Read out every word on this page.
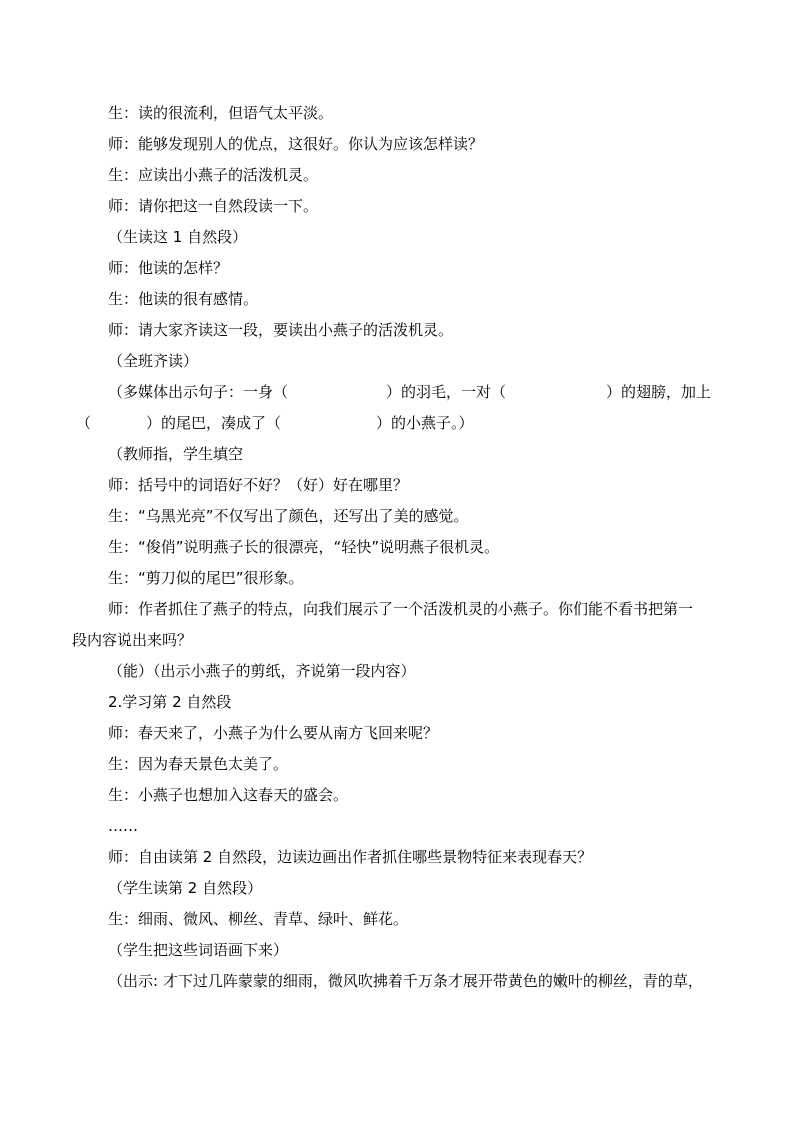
生：读的很流利，但语气太平淡。
师：能够发现别人的优点，这很好。你认为应该怎样读？
生：应读出小燕子的活泼机灵。
师：请你把这一自然段读一下。
（生读这 1 自然段）
师：他读的怎样？
生：他读的很有感情。
师：请大家齐读这一段，要读出小燕子的活泼机灵。
（全班齐读）
（多媒体出示句子：一身（	）的羽毛，一对（	）的翅膀，加上
（	）的尾巴，凑成了（	）的小燕子。）
（教师指，学生填空
师：括号中的词语好不好？（好）好在哪里？
生：“乌黑光亮”不仅写出了颜色，还写出了美的感觉。
生：“俊俏”说明燕子长的很漂亮，“轻快”说明燕子很机灵。
生：“剪刀似的尾巴”很形象。
师：作者抓住了燕子的特点，向我们展示了一个活泼机灵的小燕子。你们能不看书把第一
段内容说出来吗？
（能）（出示小燕子的剪纸，齐说第一段内容）
2.学习第 2 自然段
师：春天来了，小燕子为什么要从南方飞回来呢？
生：因为春天景色太美了。
生：小燕子也想加入这春天的盛会。
……
师：自由读第 2 自然段，边读边画出作者抓住哪些景物特征来表现春天？
（学生读第 2 自然段）
生：细雨、微风、柳丝、青草、绿叶、鲜花。
（学生把这些词语画下来）
（出示: 才下过几阵蒙蒙的细雨，微风吹拂着千万条才展开带黄色的嫩叶的柳丝，青的草，
